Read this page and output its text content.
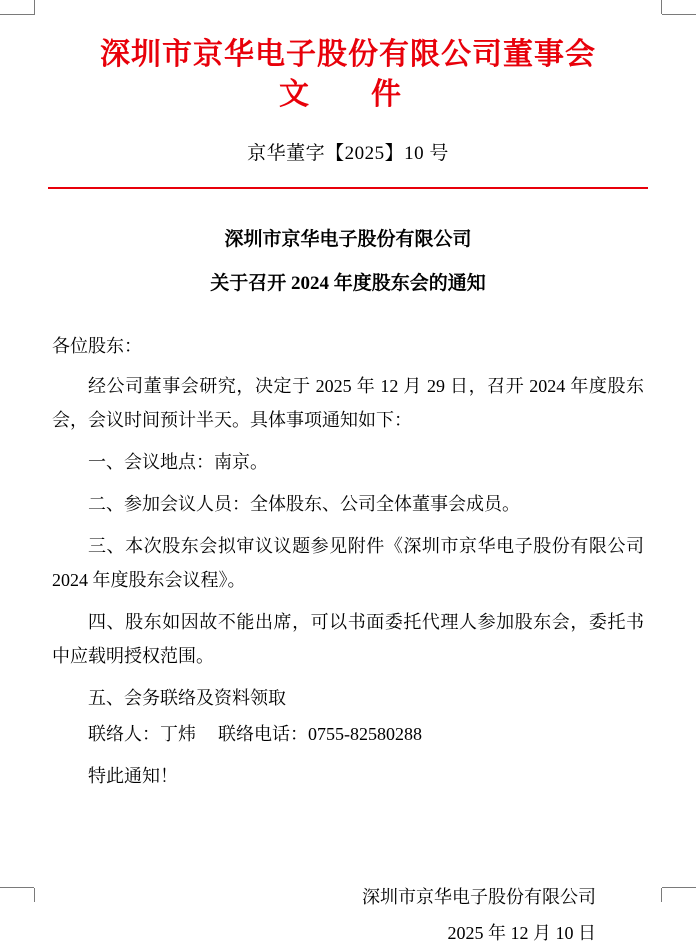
深圳市京华电子股份有限公司董事会
文　件
京华董字【2025】10 号
深圳市京华电子股份有限公司
关于召开 2024 年度股东会的通知
各位股东：
经公司董事会研究，决定于 2025 年 12 月 29 日，召开 2024 年度股东会，会议时间预计半天。具体事项通知如下：
一、会议地点：南京。
二、参加会议人员：全体股东、公司全体董事会成员。
三、本次股东会拟审议议题参见附件《深圳市京华电子股份有限公司 2024 年度股东会议程》。
四、股东如因故不能出席，可以书面委托代理人参加股东会，委托书中应载明授权范围。
五、会务联络及资料领取
联络人：丁炜 联络电话：0755-82580288
特此通知！
深圳市京华电子股份有限公司
2025 年 12 月 10 日
